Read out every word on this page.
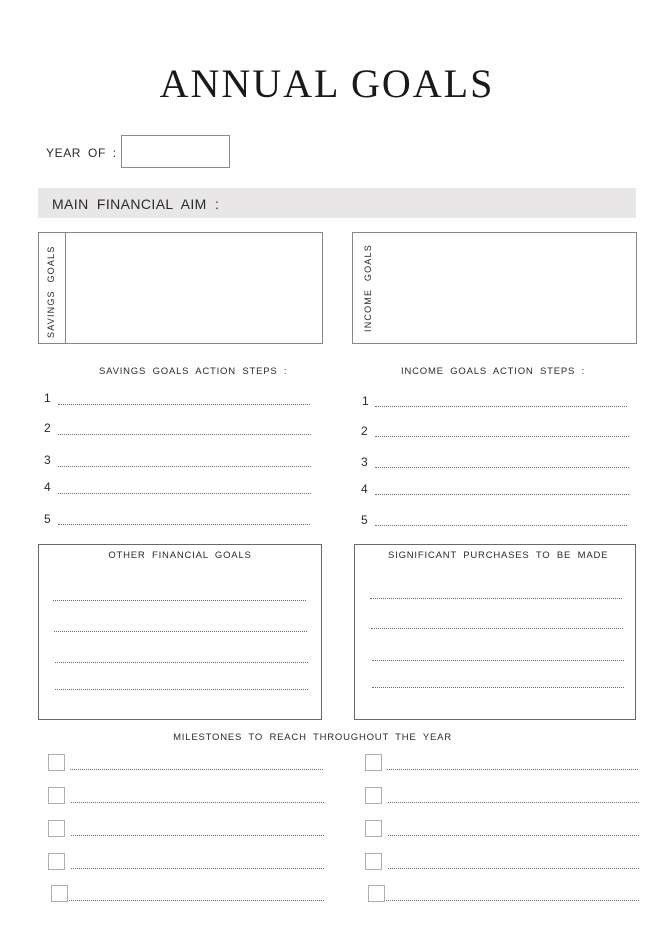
ANNUAL GOALS
YEAR OF :
MAIN FINANCIAL AIM :
SAVINGS GOALS	INCOME GOALS
SAVINGS GOALS ACTION STEPS :	INCOME GOALS ACTION STEPS :
1
2
3
4
5
1
2
3
4
5
OTHER FINANCIAL GOALS	SIGNIFICANT PURCHASES TO BE MADE
MILESTONES TO REACH THROUGHOUT THE YEAR
